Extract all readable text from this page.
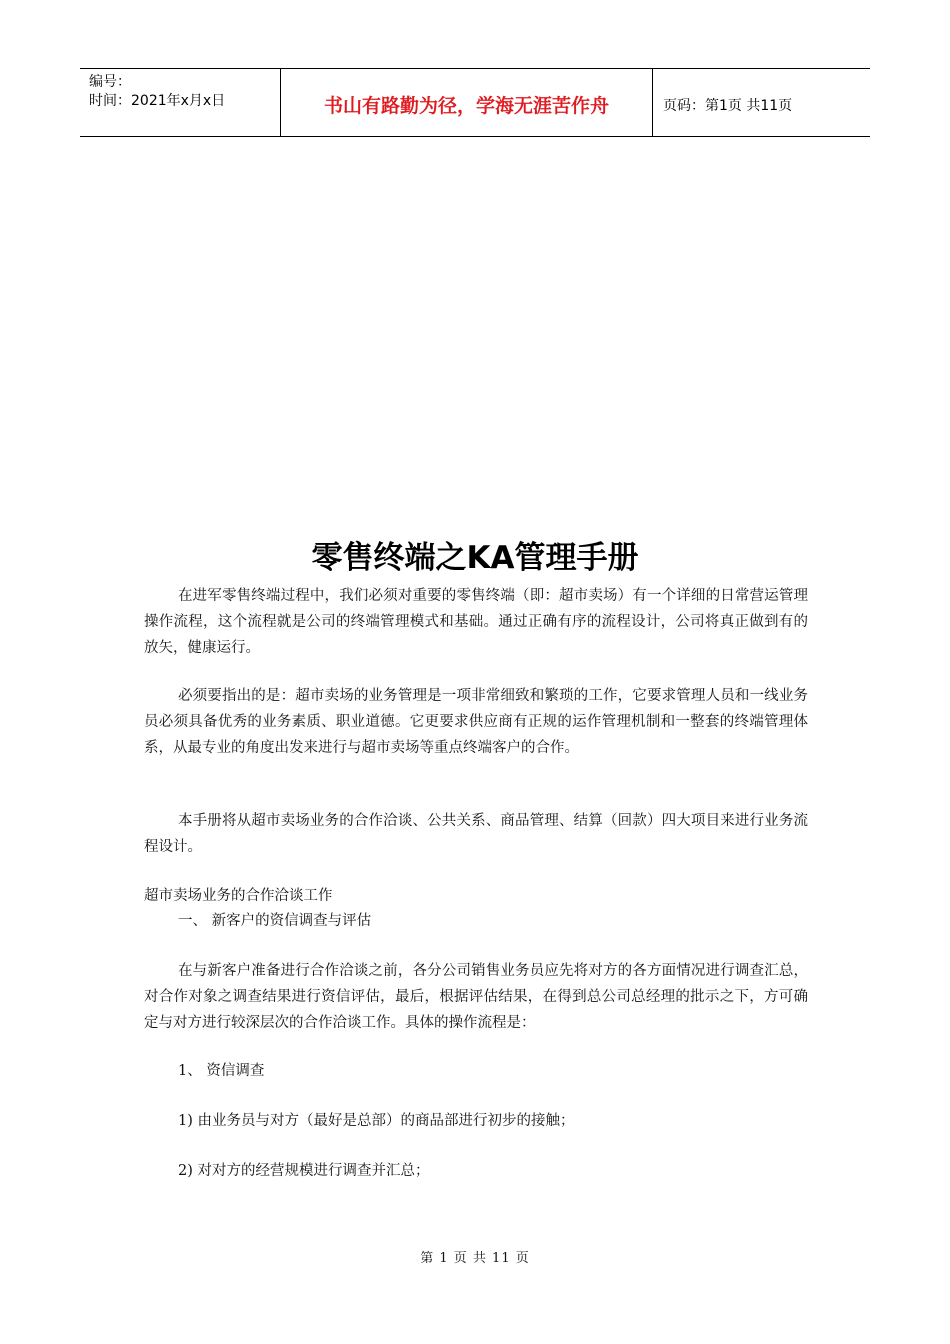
编号：
时间：2021年x月x日	书山有路勤为径，学海无涯苦作舟	页码：第1页 共11页
零售终端之KA管理手册
在进军零售终端过程中，我们必须对重要的零售终端（即：超市卖场）有一个详细的日常营运管理操作流程，这个流程就是公司的终端管理模式和基础。通过正确有序的流程设计，公司将真正做到有的放矢，健康运行。
必须要指出的是：超市卖场的业务管理是一项非常细致和繁琐的工作，它要求管理人员和一线业务员必须具备优秀的业务素质、职业道德。它更要求供应商有正规的运作管理机制和一整套的终端管理体系，从最专业的角度出发来进行与超市卖场等重点终端客户的合作。
本手册将从超市卖场业务的合作洽谈、公共关系、商品管理、结算（回款）四大项目来进行业务流程设计。
超市卖场业务的合作洽谈工作
一、 新客户的资信调查与评估
在与新客户准备进行合作洽谈之前，各分公司销售业务员应先将对方的各方面情况进行调查汇总，对合作对象之调查结果进行资信评估，最后，根据评估结果，在得到总公司总经理的批示之下，方可确定与对方进行较深层次的合作洽谈工作。具体的操作流程是：
1、 资信调查
1) 由业务员与对方（最好是总部）的商品部进行初步的接触；
2) 对对方的经营规模进行调查并汇总；
第 1 页 共 11 页
